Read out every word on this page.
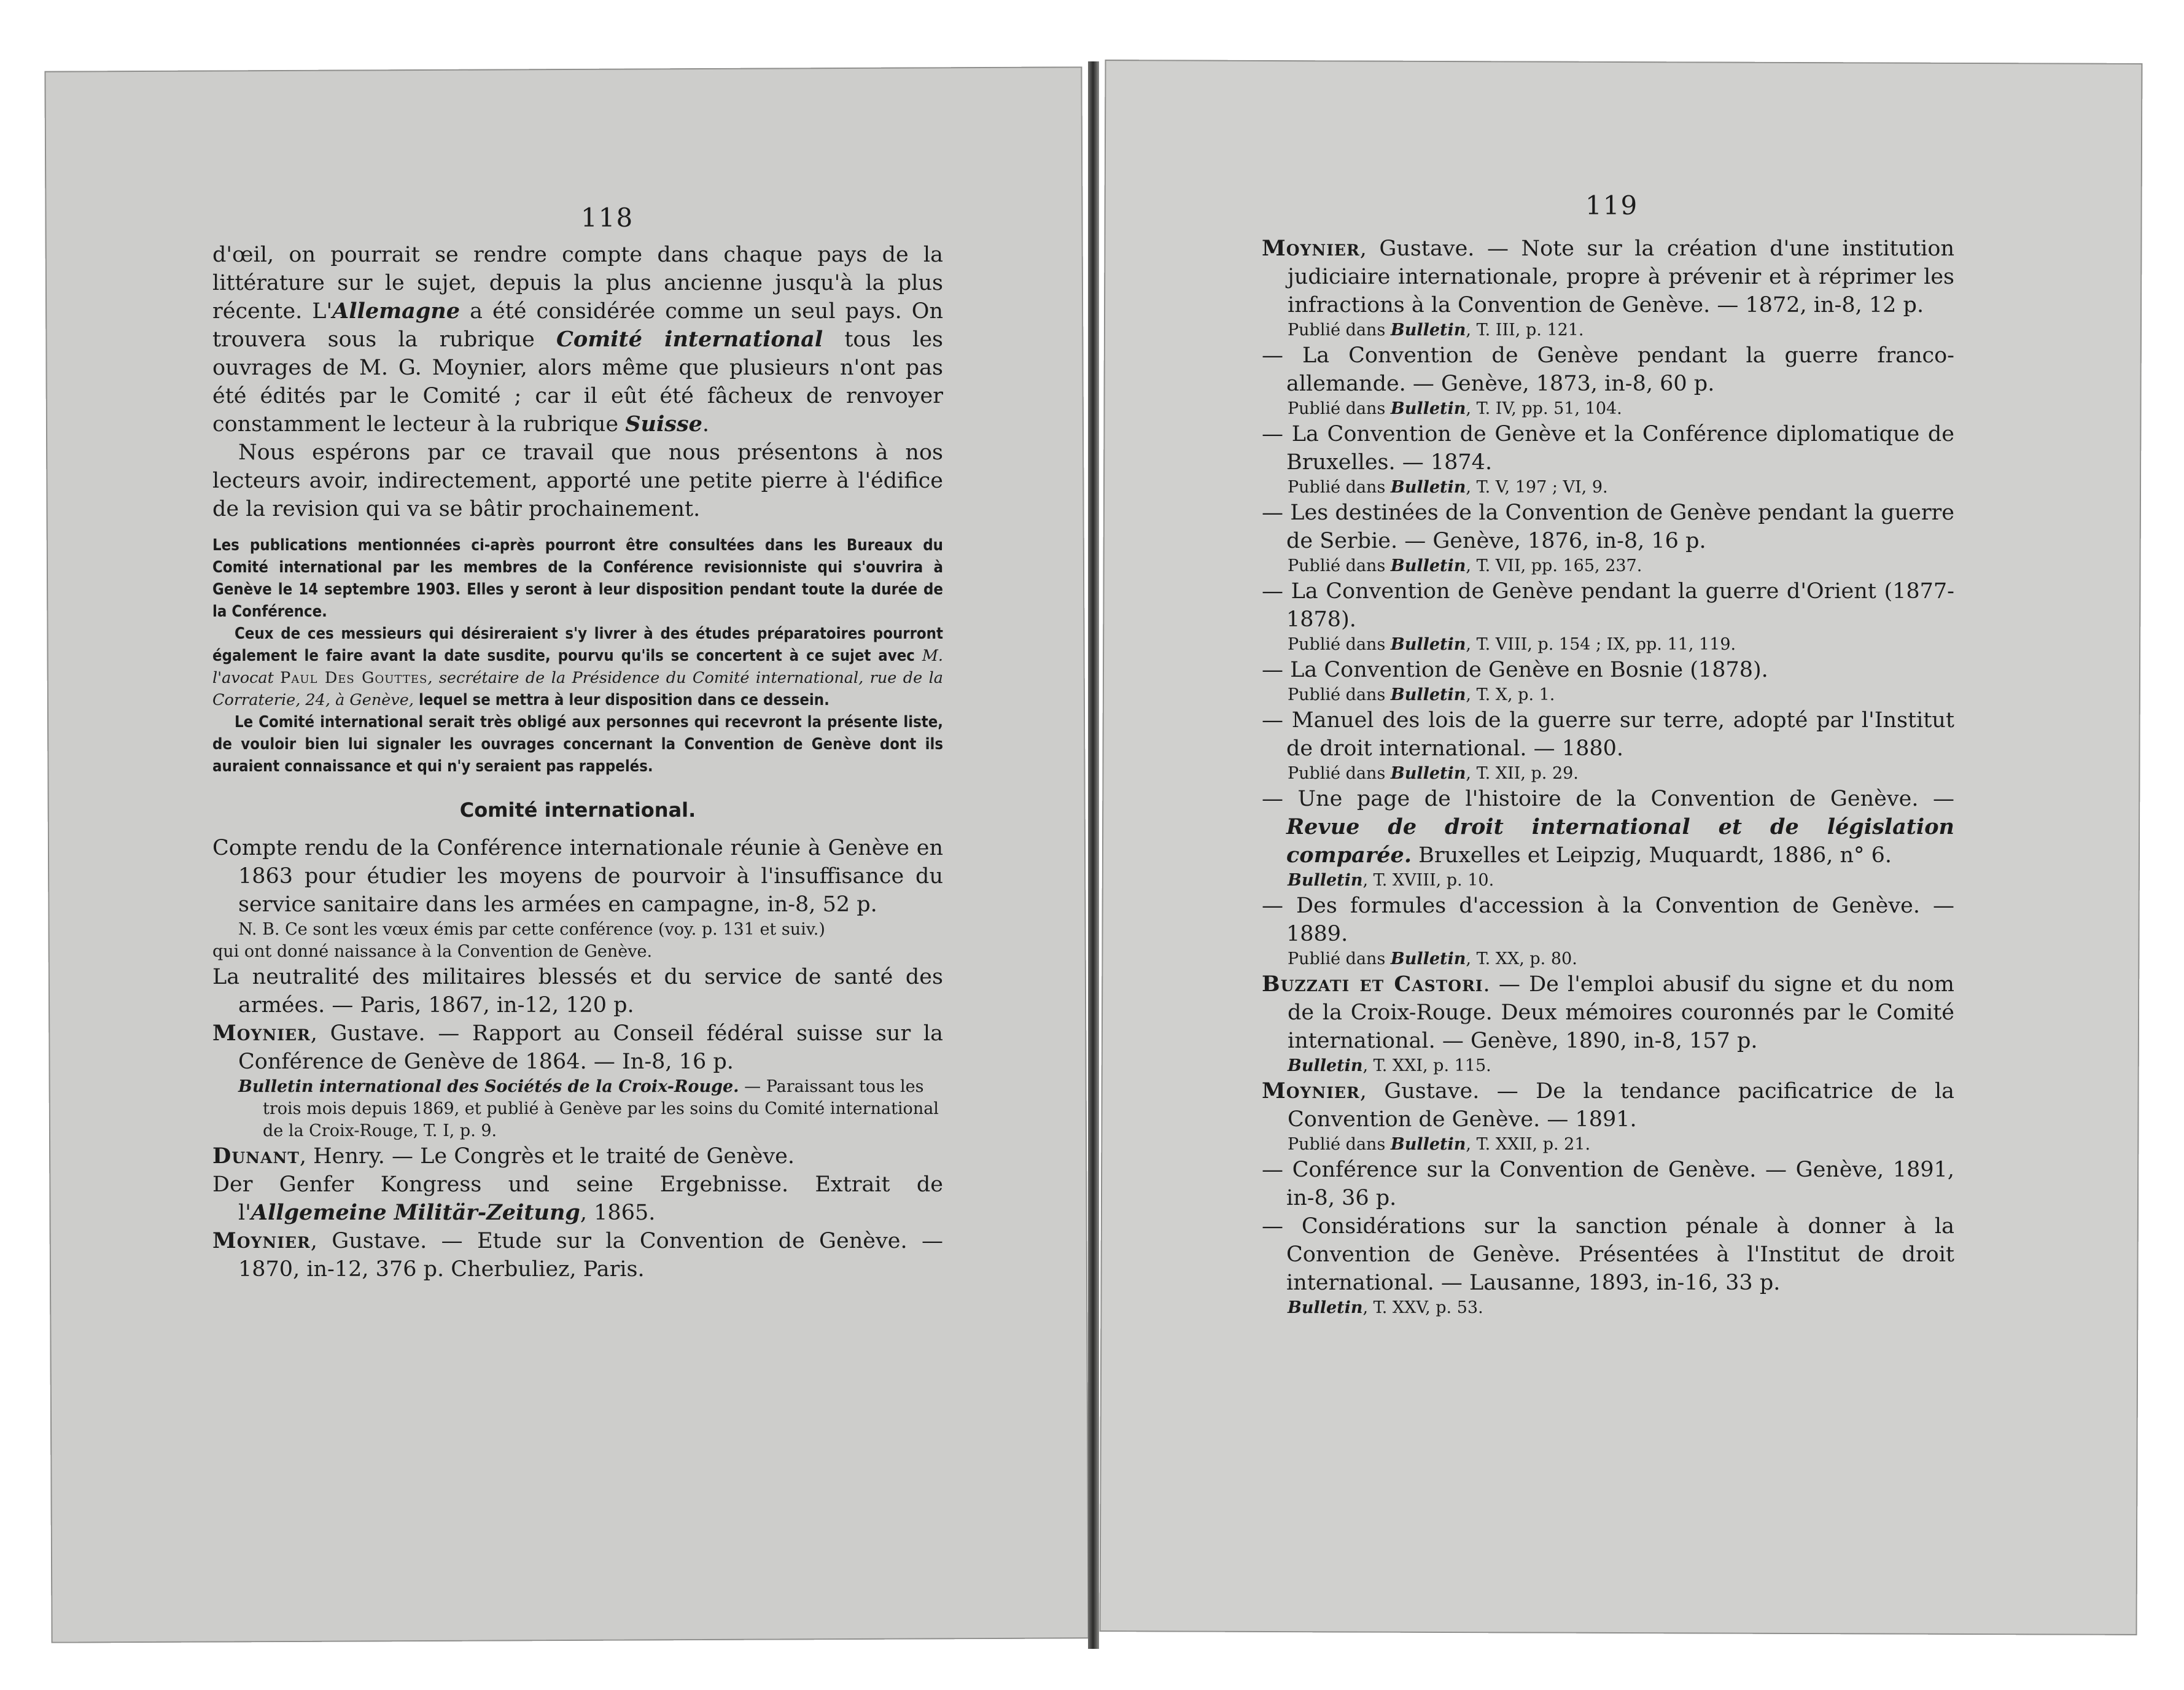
118	119

d'œil, on pourrait se rendre compte dans chaque pays de la littérature sur le sujet, depuis la plus ancienne jusqu'à la plus récente. L'Allemagne a été considérée comme un seul pays. On trouvera sous la rubrique Comité international tous les ouvrages de M. G. Moynier, alors même que plusieurs n'ont pas été édités par le Comité ; car il eût été fâcheux de renvoyer constamment le lecteur à la rubrique Suisse.

Nous espérons par ce travail que nous présentons à nos lecteurs avoir, indirectement, apporté une petite pierre à l'édifice de la revision qui va se bâtir prochainement.

Les publications mentionnées ci-après pourront être consultées dans les Bureaux du Comité international par les membres de la Conférence revisionniste qui s'ouvrira à Genève le 14 septembre 1903. Elles y seront à leur disposition pendant toute la durée de la Conférence.

Ceux de ces messieurs qui désireraient s'y livrer à des études préparatoires pourront également le faire avant la date susdite, pourvu qu'ils se concertent à ce sujet avec M. l'avocat Paul Des Gouttes, secrétaire de la Présidence du Comité international, rue de la Corraterie, 24, à Genève, lequel se mettra à leur disposition dans ce dessein.

Le Comité international serait très obligé aux personnes qui recevront la présente liste, de vouloir bien lui signaler les ouvrages concernant la Convention de Genève dont ils auraient connaissance et qui n'y seraient pas rappelés.

Comité international.

Compte rendu de la Conférence internationale réunie à Genève en 1863 pour étudier les moyens de pourvoir à l'insuffisance du service sanitaire dans les armées en campagne, in-8, 52 p.

N. B. Ce sont les vœux émis par cette conférence (voy. p. 131 et suiv.)
qui ont donné naissance à la Convention de Genève.

La neutralité des militaires blessés et du service de santé des armées. — Paris, 1867, in-12, 120 p.

Moynier, Gustave. — Rapport au Conseil fédéral suisse sur la Conférence de Genève de 1864. — In-8, 16 p.

Bulletin international des Sociétés de la Croix-Rouge. — Paraissant tous les trois mois depuis 1869, et publié à Genève par les soins du Comité international de la Croix-Rouge, T. I, p. 9.

Dunant, Henry. — Le Congrès et le traité de Genève.

Der Genfer Kongress und seine Ergebnisse. Extrait de l'Allgemeine Militär-Zeitung, 1865.

Moynier, Gustave. — Etude sur la Convention de Genève. — 1870, in-12, 376 p. Cherbuliez, Paris.

Moynier, Gustave. — Note sur la création d'une institution judiciaire internationale, propre à prévenir et à réprimer les infractions à la Convention de Genève. — 1872, in-8, 12 p.

Publié dans Bulletin, T. III, p. 121.

— La Convention de Genève pendant la guerre franco-allemande. — Genève, 1873, in-8, 60 p.

Publié dans Bulletin, T. IV, pp. 51, 104.

— La Convention de Genève et la Conférence diplomatique de Bruxelles. — 1874.

Publié dans Bulletin, T. V, 197 ; VI, 9.

— Les destinées de la Convention de Genève pendant la guerre de Serbie. — Genève, 1876, in-8, 16 p.

Publié dans Bulletin, T. VII, pp. 165, 237.

— La Convention de Genève pendant la guerre d'Orient (1877-1878).

Publié dans Bulletin, T. VIII, p. 154 ; IX, pp. 11, 119.

— La Convention de Genève en Bosnie (1878).

Publié dans Bulletin, T. X, p. 1.

— Manuel des lois de la guerre sur terre, adopté par l'Institut de droit international. — 1880.

Publié dans Bulletin, T. XII, p. 29.

— Une page de l'histoire de la Convention de Genève. — Revue de droit international et de législation comparée. Bruxelles et Leipzig, Muquardt, 1886, n° 6.

Bulletin, T. XVIII, p. 10.

— Des formules d'accession à la Convention de Genève. — 1889.

Publié dans Bulletin, T. XX, p. 80.

Buzzati et Castori. — De l'emploi abusif du signe et du nom de la Croix-Rouge. Deux mémoires couronnés par le Comité international. — Genève, 1890, in-8, 157 p.

Bulletin, T. XXI, p. 115.

Moynier, Gustave. — De la tendance pacificatrice de la Convention de Genève. — 1891.

Publié dans Bulletin, T. XXII, p. 21.

— Conférence sur la Convention de Genève. — Genève, 1891, in-8, 36 p.

— Considérations sur la sanction pénale à donner à la Convention de Genève. Présentées à l'Institut de droit international. — Lausanne, 1893, in-16, 33 p.

Bulletin, T. XXV, p. 53.
